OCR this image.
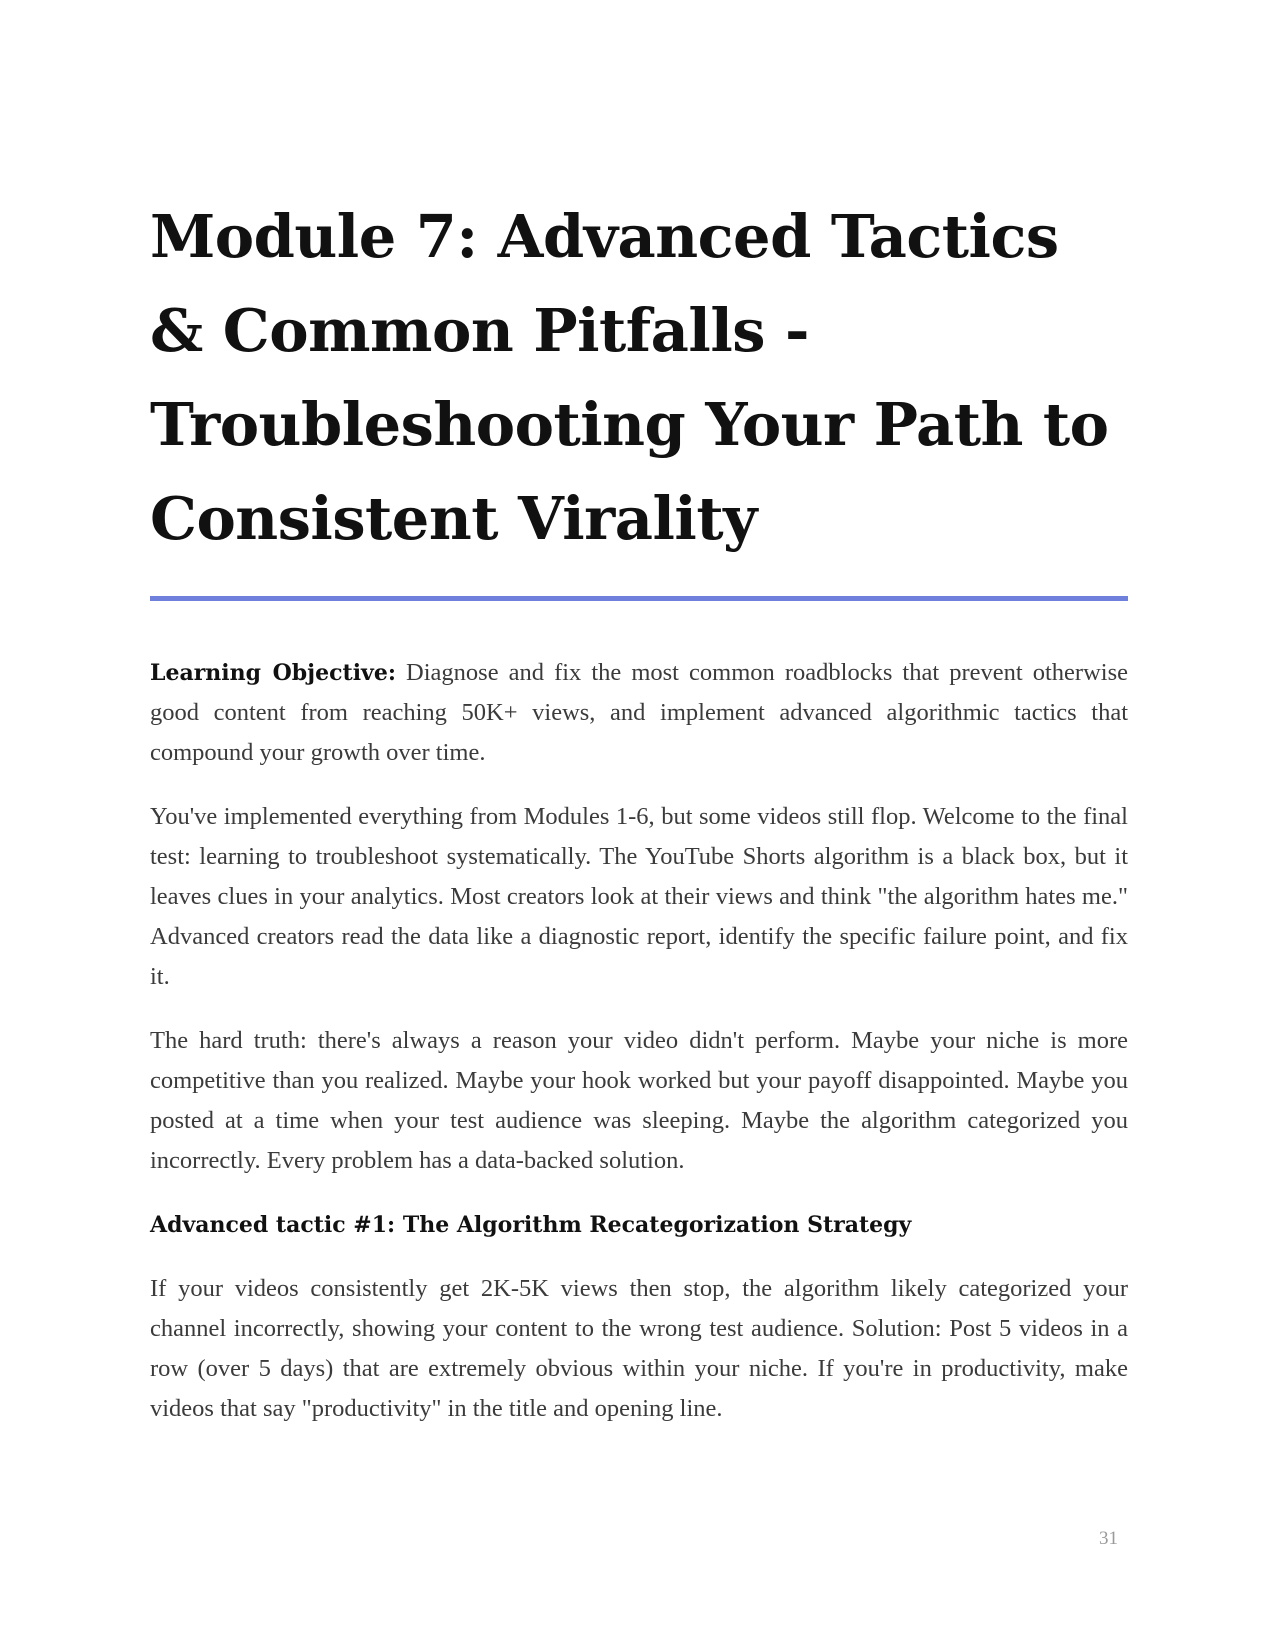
Module 7: Advanced Tactics & Common Pitfalls - Troubleshooting Your Path to Consistent Virality

Learning Objective: Diagnose and fix the most common roadblocks that prevent otherwise good content from reaching 50K+ views, and implement advanced algorithmic tactics that compound your growth over time.

You've implemented everything from Modules 1-6, but some videos still flop. Welcome to the final test: learning to troubleshoot systematically. The YouTube Shorts algorithm is a black box, but it leaves clues in your analytics. Most creators look at their views and think "the algorithm hates me." Advanced creators read the data like a diagnostic report, identify the specific failure point, and fix it.

The hard truth: there's always a reason your video didn't perform. Maybe your niche is more competitive than you realized. Maybe your hook worked but your payoff disappointed. Maybe you posted at a time when your test audience was sleeping. Maybe the algorithm categorized you incorrectly. Every problem has a data-backed solution.

Advanced tactic #1: The Algorithm Recategorization Strategy

If your videos consistently get 2K-5K views then stop, the algorithm likely categorized your channel incorrectly, showing your content to the wrong test audience. Solution: Post 5 videos in a row (over 5 days) that are extremely obvious within your niche. If you're in productivity, make videos that say "productivity" in the title and opening line.

31
